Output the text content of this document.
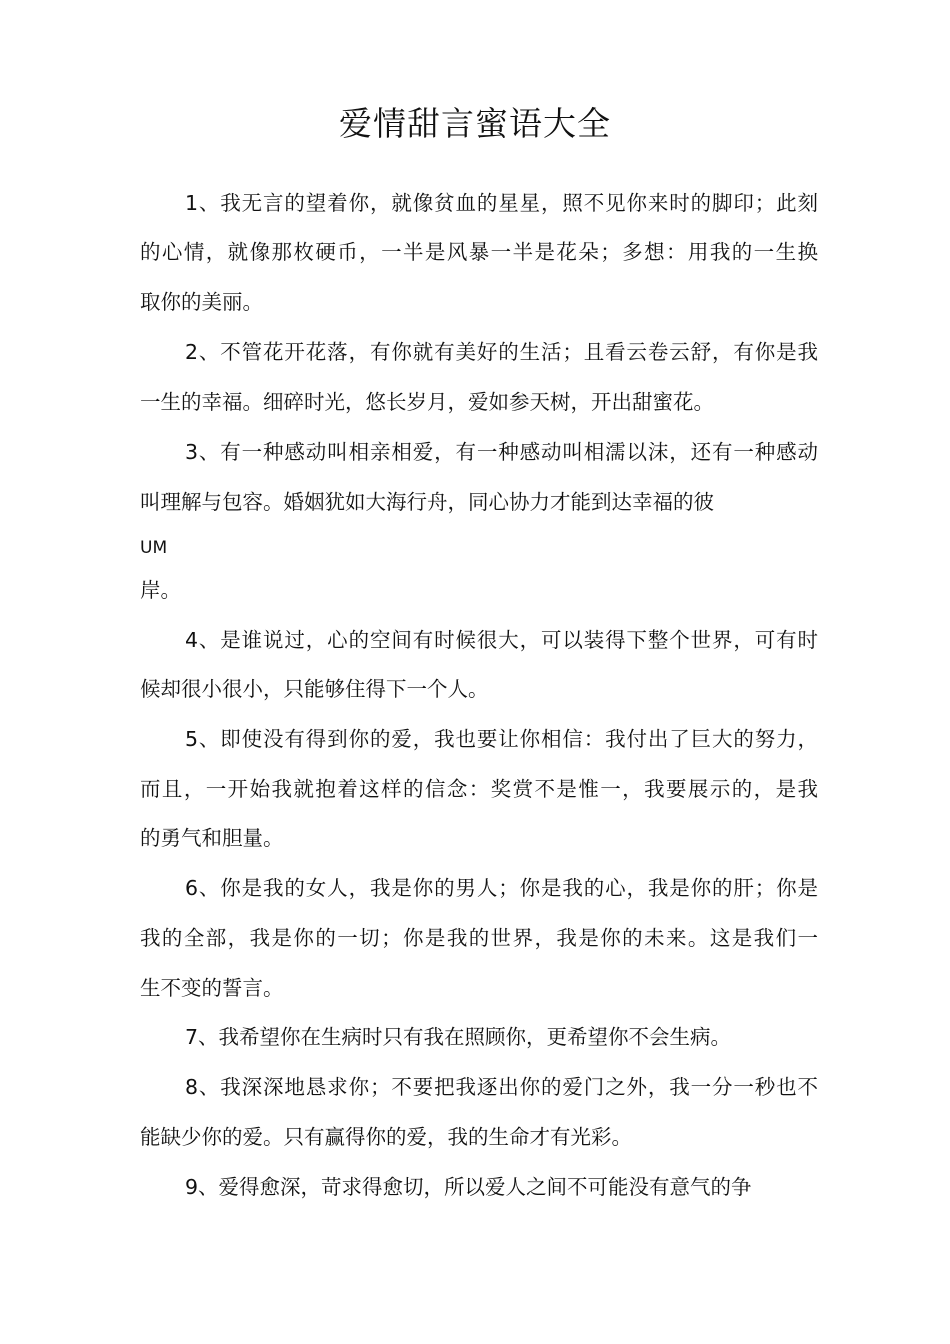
爱情甜言蜜语大全
1、我无言的望着你，就像贫血的星星，照不见你来时的脚印；此刻
的心情，就像那枚硬币，一半是风暴一半是花朵；多想：用我的一生换
取你的美丽。
2、不管花开花落，有你就有美好的生活；且看云卷云舒，有你是我
一生的幸福。细碎时光，悠长岁月，爱如参天树，开出甜蜜花。
3、有一种感动叫相亲相爱，有一种感动叫相濡以沫，还有一种感动
叫理解与包容。婚姻犹如大海行舟，同心协力才能到达幸福的彼
UM
岸。
4、是谁说过，心的空间有时候很大，可以装得下整个世界，可有时
候却很小很小，只能够住得下一个人。
5、即使没有得到你的爱，我也要让你相信：我付出了巨大的努力，
而且，一开始我就抱着这样的信念：奖赏不是惟一，我要展示的，是我
的勇气和胆量。
6、你是我的女人，我是你的男人；你是我的心，我是你的肝；你是
我的全部，我是你的一切；你是我的世界，我是你的未来。这是我们一
生不变的誓言。
7、我希望你在生病时只有我在照顾你，更希望你不会生病。
8、我深深地恳求你；不要把我逐出你的爱门之外，我一分一秒也不
能缺少你的爱。只有赢得你的爱，我的生命才有光彩。
9、爱得愈深，苛求得愈切，所以爱人之间不可能没有意气的争
